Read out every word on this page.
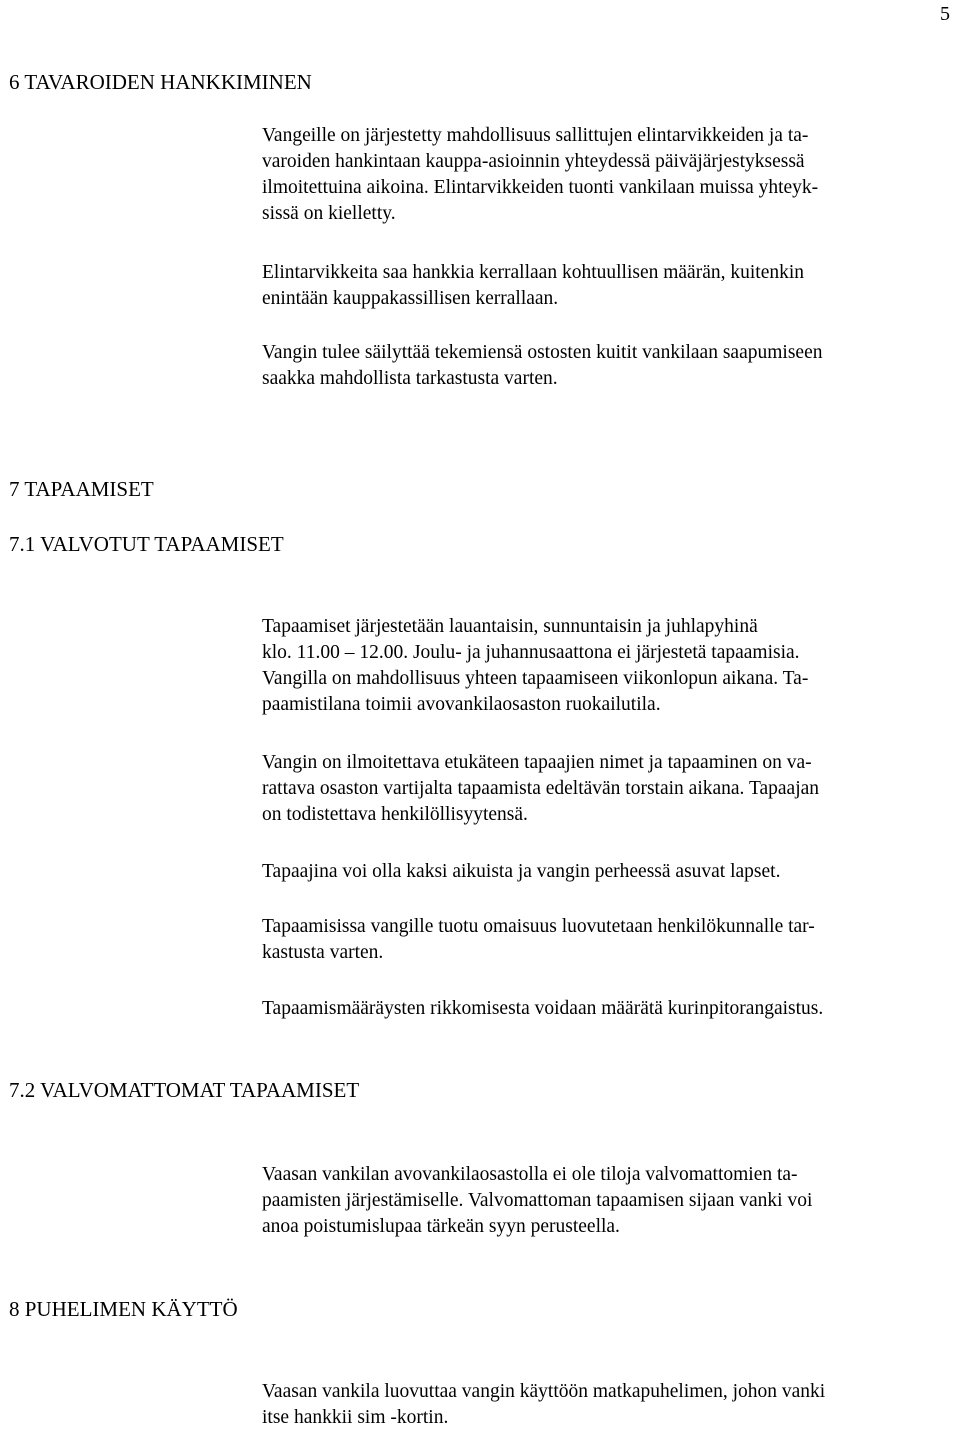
5
6 TAVAROIDEN HANKKIMINEN
Vangeille on järjestetty mahdollisuus sallittujen elintarvikkeiden ja ta-
varoiden hankintaan kauppa-asioinnin yhteydessä päiväjärjestyksessä
ilmoitettuina aikoina. Elintarvikkeiden tuonti vankilaan muissa yhteyk-
sissä on kielletty.
Elintarvikkeita saa hankkia kerrallaan kohtuullisen määrän, kuitenkin
enintään kauppakassillisen kerrallaan.
Vangin tulee säilyttää tekemiensä ostosten kuitit vankilaan saapumiseen
saakka mahdollista tarkastusta varten.
7 TAPAAMISET
7.1 VALVOTUT TAPAAMISET
Tapaamiset järjestetään lauantaisin, sunnuntaisin ja juhlapyhinä
klo. 11.00 – 12.00. Joulu- ja juhannusaattona ei järjestetä tapaamisia.
Vangilla on mahdollisuus yhteen tapaamiseen viikonlopun aikana. Ta-
paamistilana toimii avovankilaosaston ruokailutila.
Vangin on ilmoitettava etukäteen tapaajien nimet ja tapaaminen on va-
rattava osaston vartijalta tapaamista edeltävän torstain aikana. Tapaajan
on todistettava henkilöllisyytensä.
Tapaajina voi olla kaksi aikuista ja vangin perheessä asuvat lapset.
Tapaamisissa vangille tuotu omaisuus luovutetaan henkilökunnalle tar-
kastusta varten.
Tapaamismääräysten rikkomisesta voidaan määrätä kurinpitorangaistus.
7.2 VALVOMATTOMAT TAPAAMISET
Vaasan vankilan avovankilaosastolla ei ole tiloja valvomattomien ta-
paamisten järjestämiselle. Valvomattoman tapaamisen sijaan vanki voi
anoa poistumislupaa tärkeän syyn perusteella.
8 PUHELIMEN KÄYTTÖ
Vaasan vankila luovuttaa vangin käyttöön matkapuhelimen, johon vanki
itse hankkii sim -kortin.
